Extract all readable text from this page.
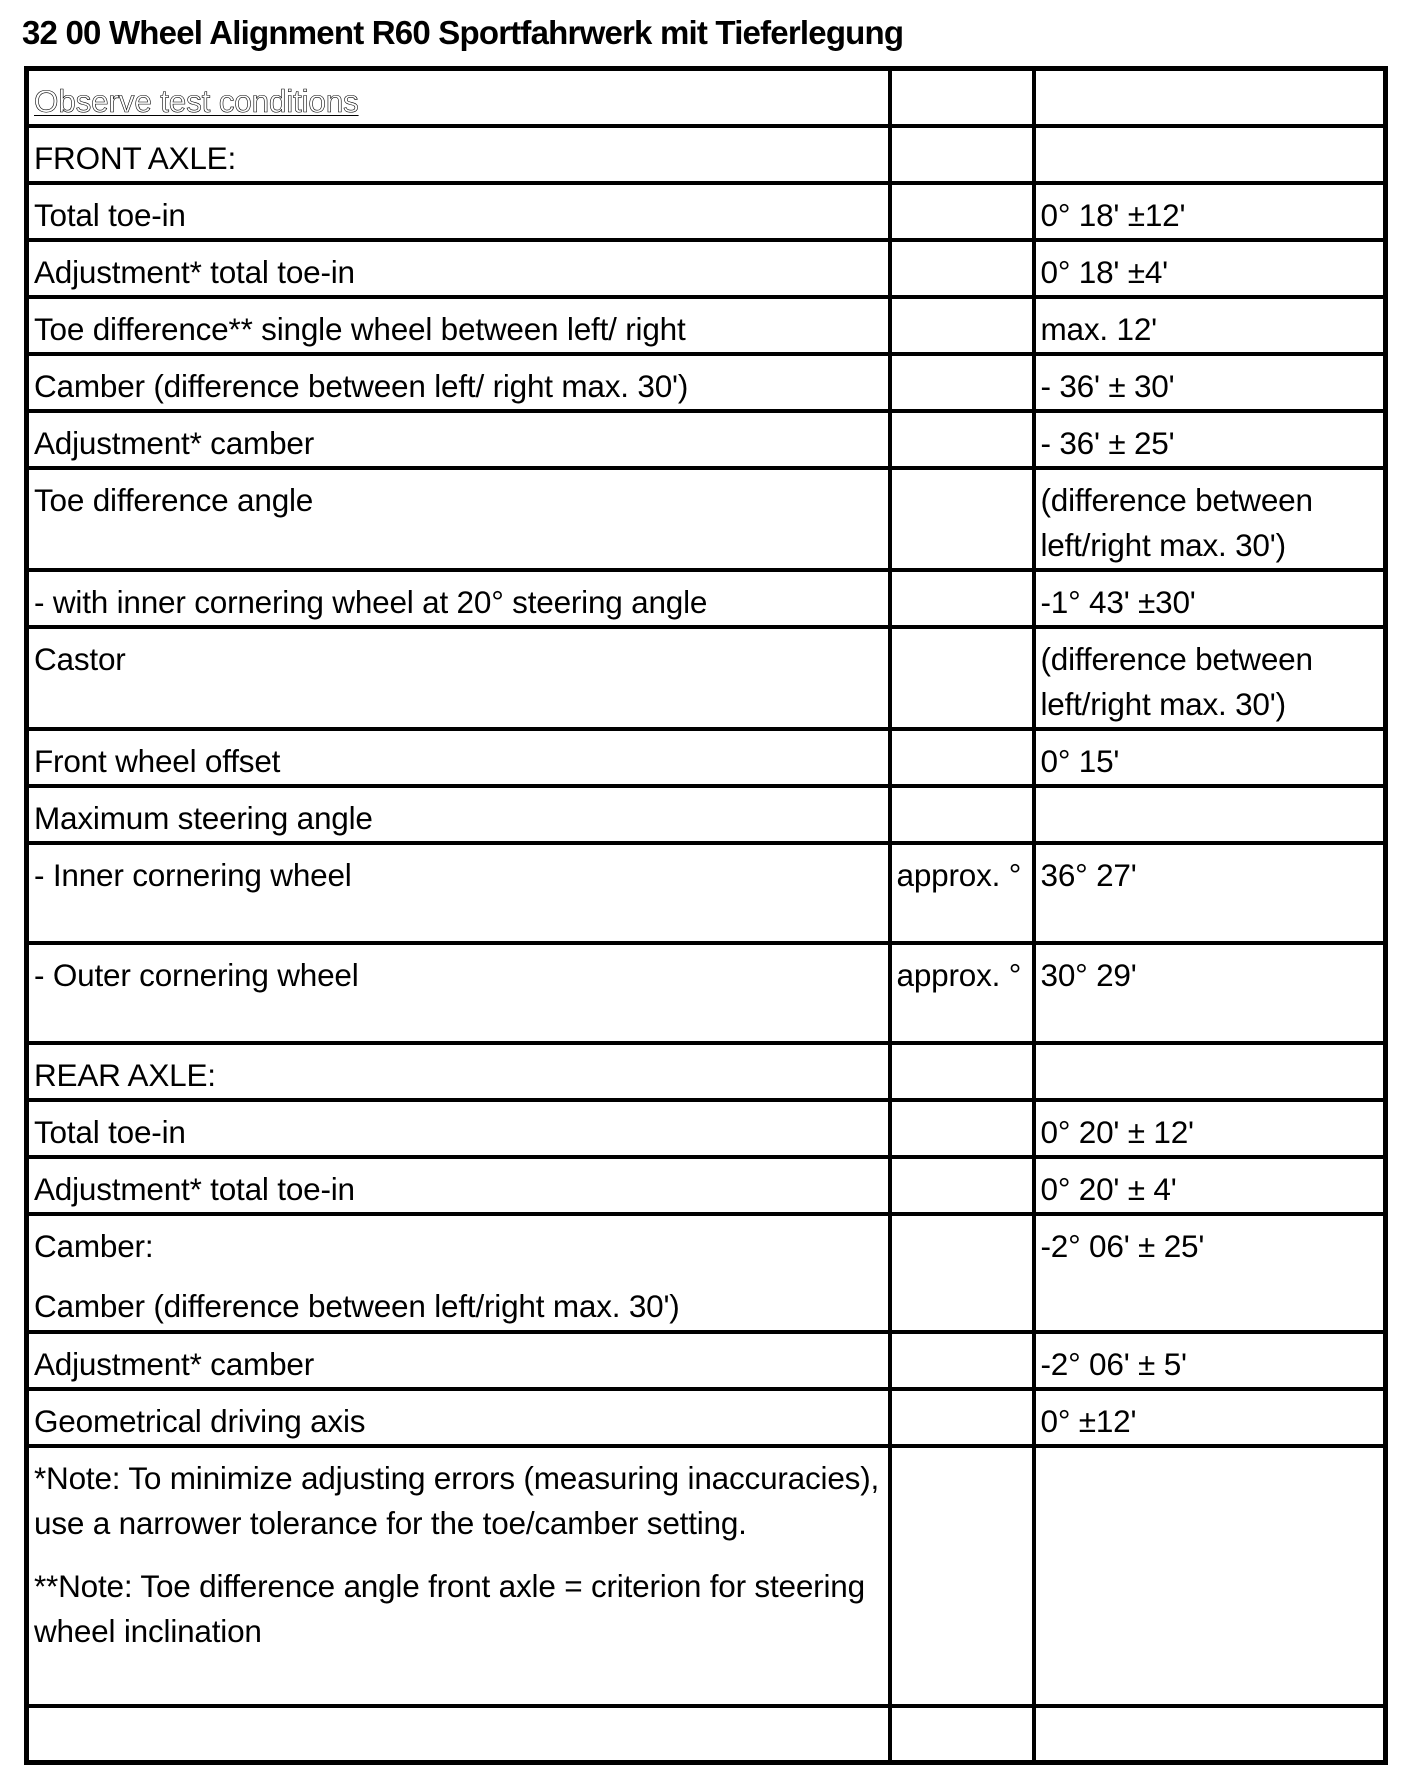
32 00 Wheel Alignment R60 Sportfahrwerk mit Tieferlegung
Observe test conditions		
FRONT AXLE:		
Total toe-in		0° 18' ±12'
Adjustment* total toe-in		0° 18' ±4'
Toe difference** single wheel between left/ right		max. 12'
Camber (difference between left/ right max. 30')		- 36' ± 30'
Adjustment* camber		- 36' ± 25'
Toe difference angle		(difference between left/right max. 30')
- with inner cornering wheel at 20° steering angle		-1° 43' ±30'
Castor		(difference between left/right max. 30')
Front wheel offset		0° 15'
Maximum steering angle		
- Inner cornering wheel	approx. °	36° 27'
- Outer cornering wheel	approx. °	30° 29'
REAR AXLE:		
Total toe-in		0° 20' ± 12'
Adjustment* total toe-in		0° 20' ± 4'

Camber:
Camber (difference between left/right max. 30')		-2° 06' ± 25'
Adjustment* camber		-2° 06' ± 5'
Geometrical driving axis		0° ±12'

*Note: To minimize adjusting errors (measuring inaccuracies), use a narrower tolerance for the toe/camber setting.
**Note: Toe difference angle front axle = criterion for steering wheel inclination		
